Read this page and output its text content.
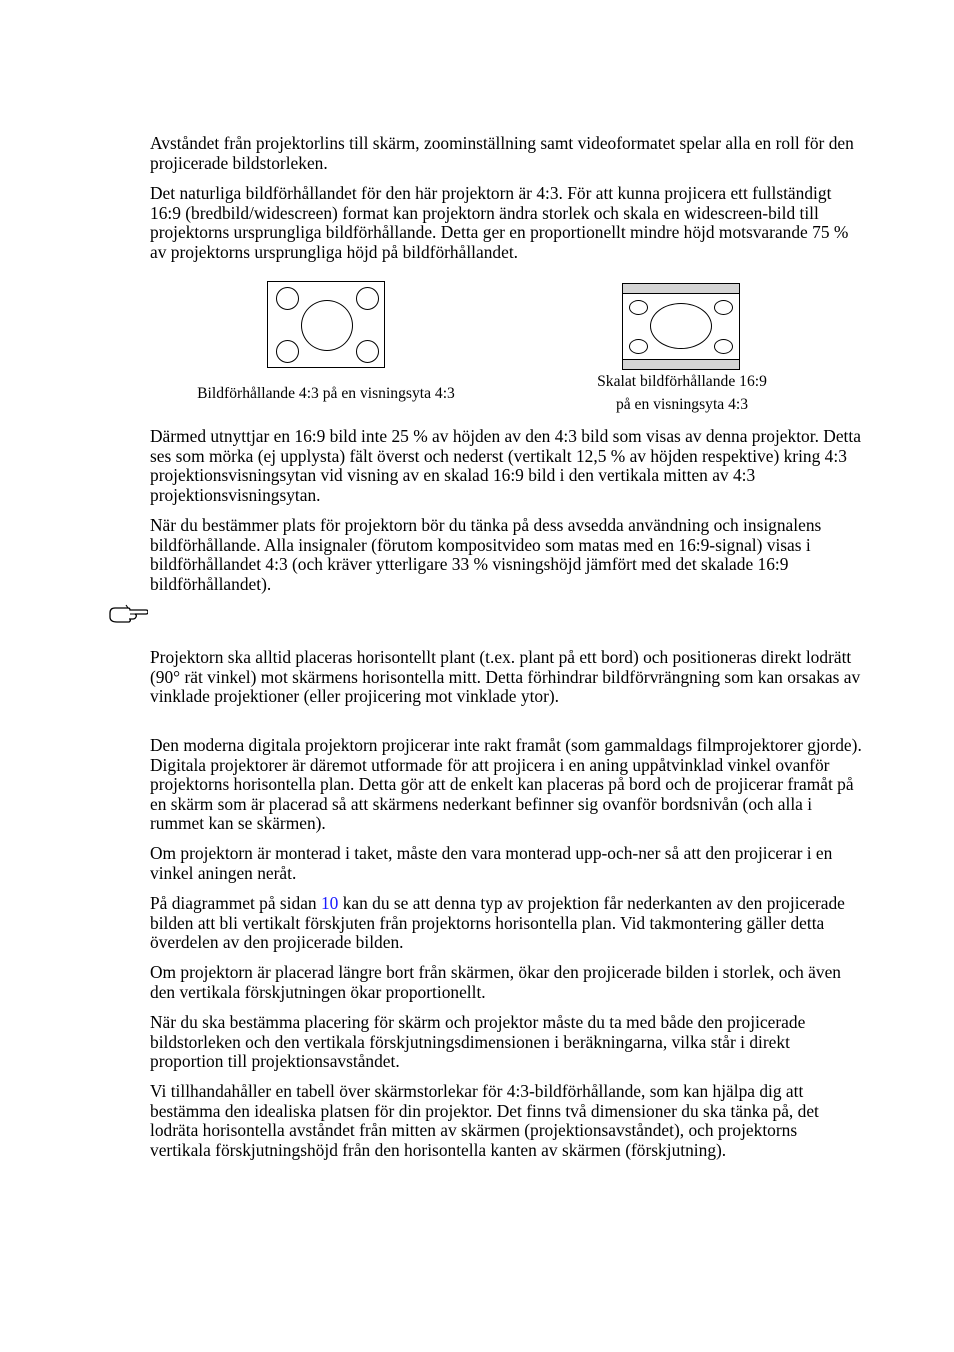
Avståndet från projektorlins till skärm, zoominställning samt videoformatet spelar alla en roll för den projicerade bildstorleken.

Det naturliga bildförhållandet för den här projektorn är 4:3. För att kunna projicera ett fullständigt 16:9 (bredbild/widescreen) format kan projektorn ändra storlek och skala en widescreen-bild till projektorns ursprungliga bildförhållande. Detta ger en proportionellt mindre höjd motsvarande 75 % av projektorns ursprungliga höjd på bildförhållandet.

Bildförhållande 4:3 på en visningsyta 4:3
Skalat bildförhållande 16:9
på en visningsyta 4:3

Därmed utnyttjar en 16:9 bild inte 25 % av höjden av den 4:3 bild som visas av denna projektor. Detta ses som mörka (ej upplysta) fält överst och nederst (vertikalt 12,5 % av höjden respektive) kring 4:3 projektionsvisningsytan vid visning av en skalad 16:9 bild i den vertikala mitten av 4:3 projektionsvisningsytan.

När du bestämmer plats för projektorn bör du tänka på dess avsedda användning och insignalens bildförhållande. Alla insignaler (förutom kompositvideo som matas med en 16:9-signal) visas i bildförhållandet 4:3 (och kräver ytterligare 33 % visningshöjd jämfört med det skalade 16:9 bildförhållandet).

Projektorn ska alltid placeras horisontellt plant (t.ex. plant på ett bord) och positioneras direkt lodrätt (90° rät vinkel) mot skärmens horisontella mitt. Detta förhindrar bildförvrängning som kan orsakas av vinklade projektioner (eller projicering mot vinklade ytor).

Den moderna digitala projektorn projicerar inte rakt framåt (som gammaldags filmprojektorer gjorde). Digitala projektorer är däremot utformade för att projicera i en aning uppåtvinklad vinkel ovanför projektorns horisontella plan. Detta gör att de enkelt kan placeras på bord och de projicerar framåt på en skärm som är placerad så att skärmens nederkant befinner sig ovanför bordsnivån (och alla i rummet kan se skärmen).

Om projektorn är monterad i taket, måste den vara monterad upp-och-ner så att den projicerar i en vinkel aningen neråt.

På diagrammet på sidan 10 kan du se att denna typ av projektion får nederkanten av den projicerade bilden att bli vertikalt förskjuten från projektorns horisontella plan. Vid takmontering gäller detta överdelen av den projicerade bilden.

Om projektorn är placerad längre bort från skärmen, ökar den projicerade bilden i storlek, och även den vertikala förskjutningen ökar proportionellt.

När du ska bestämma placering för skärm och projektor måste du ta med både den projicerade bildstorleken och den vertikala förskjutningsdimensionen i beräkningarna, vilka står i direkt proportion till projektionsavståndet.

Vi tillhandahåller en tabell över skärmstorlekar för 4:3-bildförhållande, som kan hjälpa dig att bestämma den idealiska platsen för din projektor. Det finns två dimensioner du ska tänka på, det lodräta horisontella avståndet från mitten av skärmen (projektionsavståndet), och projektorns vertikala förskjutningshöjd från den horisontella kanten av skärmen (förskjutning).
